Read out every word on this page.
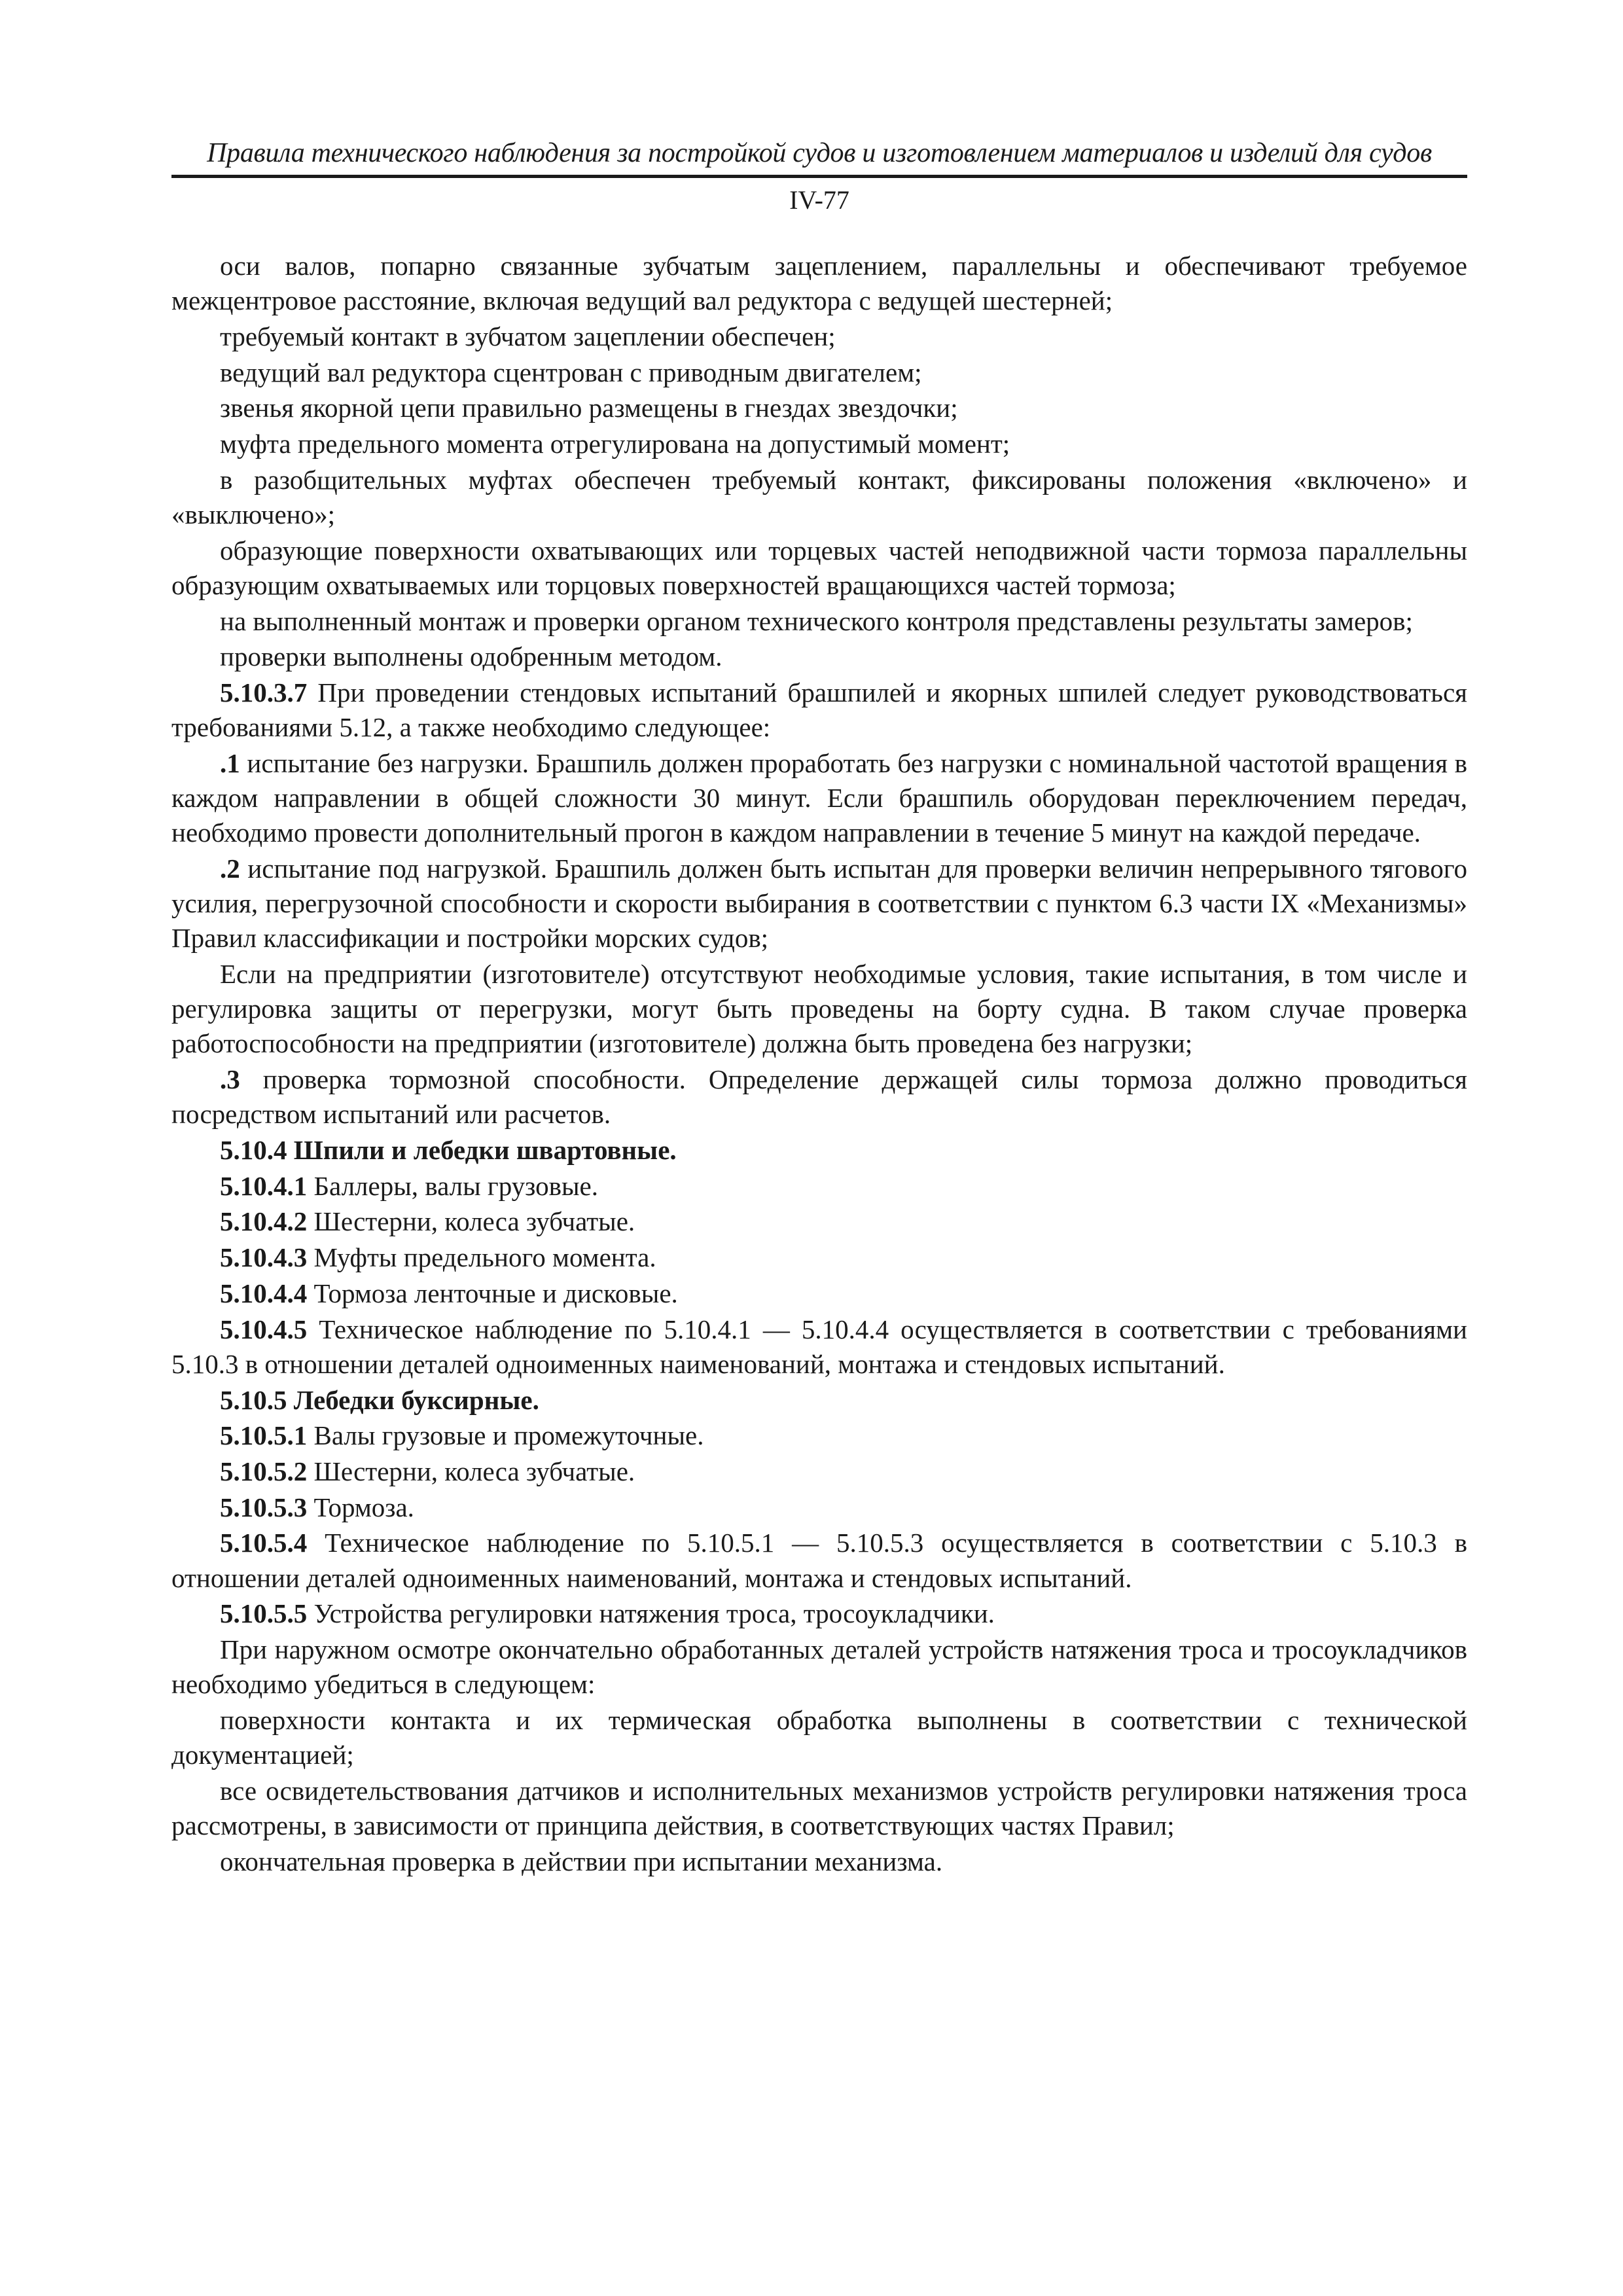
Правила технического наблюдения за постройкой судов и изготовлением материалов и изделий для судов
IV-77

оси валов, попарно связанные зубчатым зацеплением, параллельны и обеспечивают требуемое межцентровое расстояние, включая ведущий вал редуктора с ведущей шестерней;

требуемый контакт в зубчатом зацеплении обеспечен;

ведущий вал редуктора сцентрован с приводным двигателем;

звенья якорной цепи правильно размещены в гнездах звездочки;

муфта предельного момента отрегулирована на допустимый момент;

в разобщительных муфтах обеспечен требуемый контакт, фиксированы положения «включено» и «выключено»;

образующие поверхности охватывающих или торцевых частей неподвижной части тормоза параллельны образующим охватываемых или торцовых поверхностей вращающихся частей тормоза;

на выполненный монтаж и проверки органом технического контроля представлены результаты замеров;

проверки выполнены одобренным методом.

5.10.3.7 При проведении стендовых испытаний брашпилей и якорных шпилей следует руководствоваться требованиями 5.12, а также необходимо следующее:

.1 испытание без нагрузки. Брашпиль должен проработать без нагрузки с номинальной частотой вращения в каждом направлении в общей сложности 30 минут. Если брашпиль оборудован переключением передач, необходимо провести дополнительный прогон в каждом направлении в течение 5 минут на каждой передаче.

.2 испытание под нагрузкой. Брашпиль должен быть испытан для проверки величин непрерывного тягового усилия, перегрузочной способности и скорости выбирания в соответствии с пунктом 6.3 части IX «Механизмы» Правил классификации и постройки морских судов;

Если на предприятии (изготовителе) отсутствуют необходимые условия, такие испытания, в том числе и регулировка защиты от перегрузки, могут быть проведены на борту судна. В таком случае проверка работоспособности на предприятии (изготовителе) должна быть проведена без нагрузки;

.3 проверка тормозной способности. Определение держащей силы тормоза должно проводиться посредством испытаний или расчетов.

5.10.4 Шпили и лебедки швартовные.

5.10.4.1 Баллеры, валы грузовые.

5.10.4.2 Шестерни, колеса зубчатые.

5.10.4.3 Муфты предельного момента.

5.10.4.4 Тормоза ленточные и дисковые.

5.10.4.5 Техническое наблюдение по 5.10.4.1 — 5.10.4.4 осуществляется в соответствии с требованиями 5.10.3 в отношении деталей одноименных наименований, монтажа и стендовых испытаний.

5.10.5 Лебедки буксирные.

5.10.5.1 Валы грузовые и промежуточные.

5.10.5.2 Шестерни, колеса зубчатые.

5.10.5.3 Тормоза.

5.10.5.4 Техническое наблюдение по 5.10.5.1 — 5.10.5.3 осуществляется в соответствии с 5.10.3 в отношении деталей одноименных наименований, монтажа и стендовых испытаний.

5.10.5.5 Устройства регулировки натяжения троса, тросоукладчики.

При наружном осмотре окончательно обработанных деталей устройств натяжения троса и тросоукладчиков необходимо убедиться в следующем:

поверхности контакта и их термическая обработка выполнены в соответствии с технической документацией;

все освидетельствования датчиков и исполнительных механизмов устройств регулировки натяжения троса рассмотрены, в зависимости от принципа действия, в соответствующих частях Правил;

окончательная проверка в действии при испытании механизма.
